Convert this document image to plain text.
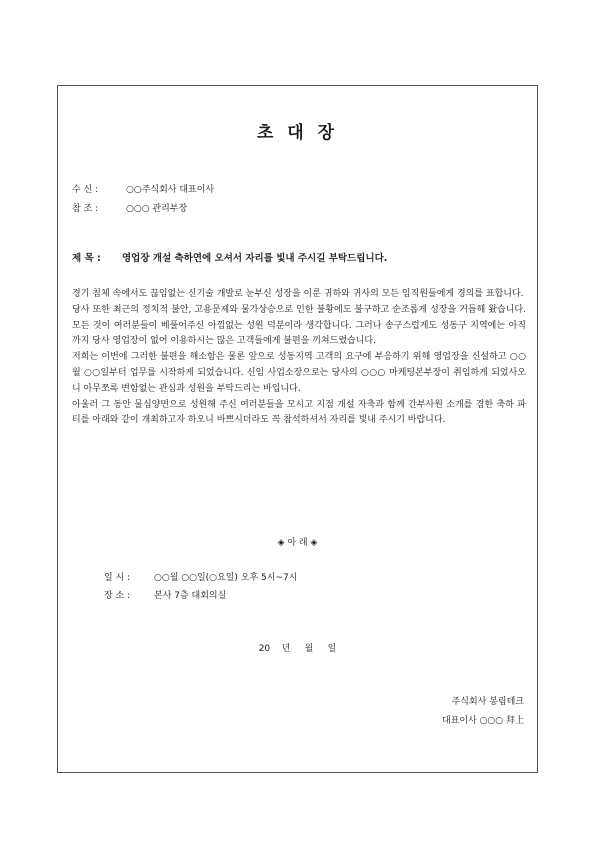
초 대 장
수 신 :	○○주식회사 대표이사
참 조 :	○○○ 관리부장
제 목 : 영업장 개설 축하연에 오셔서 자리를 빛내 주시길 부탁드립니다.

경기 침체 속에서도 끊임없는 신기술 개발로 눈부신 성장을 이룬 귀하와 귀사의 모든 임직원들에게 경의를 표합니다.

당사 또한 최근의 정치적 불안, 고용문제와 물가상승으로 인한 불황에도 불구하고 순조롭게 성장을 거듭해 왔습니다. 모든 것이 여러분들이 베풀어주신 아낌없는 성원 덕분이라 생각합니다. 그러나 송구스럽게도 성동구 지역에는 아직 까지 당사 영업장이 없어 이용하시는 많은 고객들에게 불편을 끼쳐드렸습니다.

저희는 이번에 그러한 불편을 해소함은 물론 앞으로 성동지역 고객의 요구에 부응하기 위해 영업장을 신설하고 ○○월 ○○일부터 업무를 시작하게 되었습니다. 신임 사업소장으로는 당사의 ○○○ 마케팅본부장이 취임하게 되었사오니 아무쪼록 변함없는 관심과 성원을 부탁드리는 바입니다.

아울러 그 동안 물심양면으로 성원해 주신 여러분들을 모시고 지점 개설 자축과 함께 간부사원 소개를 겸한 축하 파티를 아래와 같이 개최하고자 하오니 바쁘시더라도 꼭 참석하셔서 자리를 빛내 주시기 바랍니다.

◈ 아 래 ◈
일 시 :	○○월 ○○일(○요일) 오후 5시~7시
장 소 :	본사 7층 대회의실
20    년     월     일
주식회사 봉림테크
대표이사 ○○○ 拜上
